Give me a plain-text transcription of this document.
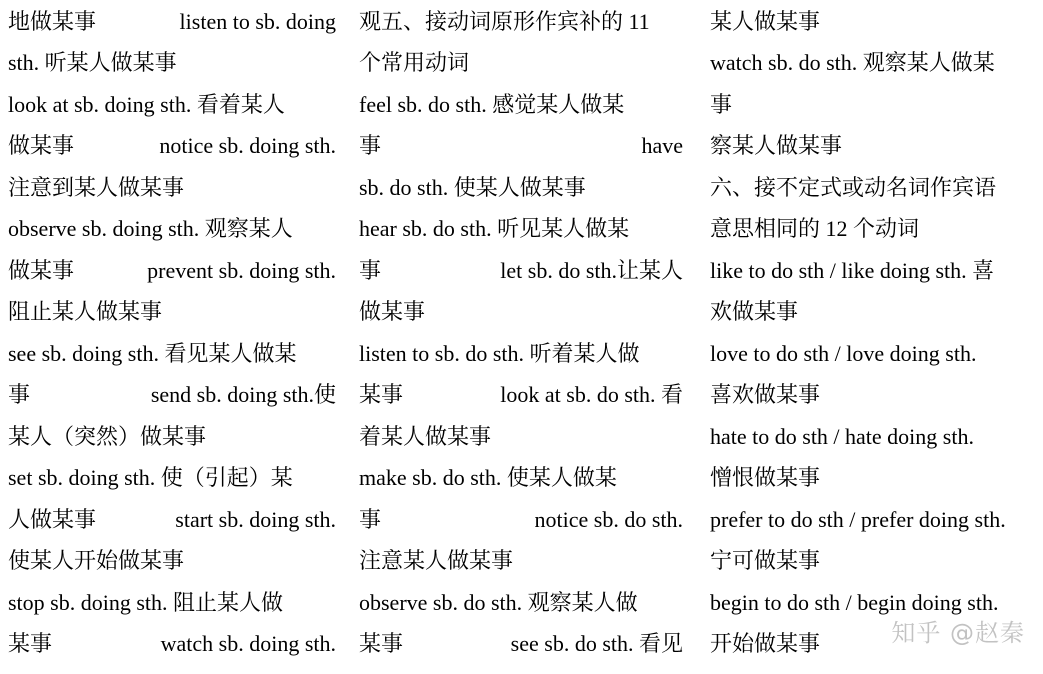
地做某事	listen to sb. doing
sth. 听某人做某事
look at sb. doing sth. 看着某人
做某事	notice sb. doing sth.
注意到某人做某事
observe sb. doing sth. 观察某人
做某事	prevent sb. doing sth.
阻止某人做某事
see sb. doing sth. 看见某人做某
事	send sb. doing sth.使
某人（突然）做某事
set sb. doing sth. 使（引起）某
人做某事	start sb. doing sth.
使某人开始做某事
stop sb. doing sth. 阻止某人做
某事	watch sb. doing sth.
观五、接动词原形作宾补的 11
个常用动词
feel sb. do sth. 感觉某人做某
事	have
sb. do sth. 使某人做某事
hear sb. do sth. 听见某人做某
事	let sb. do sth.让某人
做某事
listen to sb. do sth. 听着某人做
某事	look at sb. do sth. 看
着某人做某事
make sb. do sth. 使某人做某
事	notice sb. do sth.
注意某人做某事
observe sb. do sth. 观察某人做
某事	see sb. do sth. 看见
某人做某事
watch sb. do sth. 观察某人做某
事
察某人做某事
六、接不定式或动名词作宾语
意思相同的 12 个动词
like to do sth / like doing sth. 喜
欢做某事
love to do sth / love doing sth.
喜欢做某事
hate to do sth / hate doing sth.
憎恨做某事
prefer to do sth / prefer doing sth.
宁可做某事
begin to do sth / begin doing sth.
开始做某事	知乎 @赵秦
